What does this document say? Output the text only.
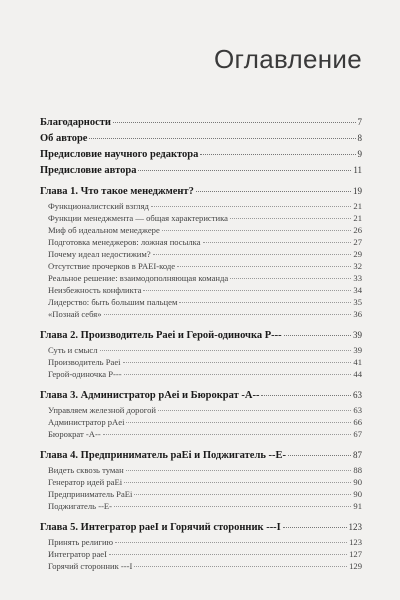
Оглавление
Благодарности	7
Об авторе	8
Предисловие научного редактора	9
Предисловие автора	11
Глава 1. Что такое менеджмент?	19
Функционалистский взгляд	21
Функции менеджмента — общая характеристика	21
Миф об идеальном менеджере	26
Подготовка менеджеров: ложная посылка	27
Почему идеал недостижим?	29
Отсутствие прочерков в PAEI-коде	32
Реальное решение: взаимодополняющая команда	33
Неизбежность конфликта	34
Лидерство: быть большим пальцем	35
«Познай себя»	36
Глава 2. Производитель Paei и Герой-одиночка P---	39
Суть и смысл	39
Производитель Paei	41
Герой-одиночка P---	44
Глава 3. Администратор pAei и Бюрократ -A--	63
Управляем железной дорогой	63
Администратор pAei	66
Бюрократ -A--	67
Глава 4. Предприниматель paEi и Поджигатель --E-	87
Видеть сквозь туман	88
Генератор идей paEi	90
Предприниматель PaEi	90
Поджигатель --E-	91
Глава 5. Интегратор paeI и Горячий сторонник ---I	123
Принять религию	123
Интегратор paeI	127
Горячий сторонник ---I	129
